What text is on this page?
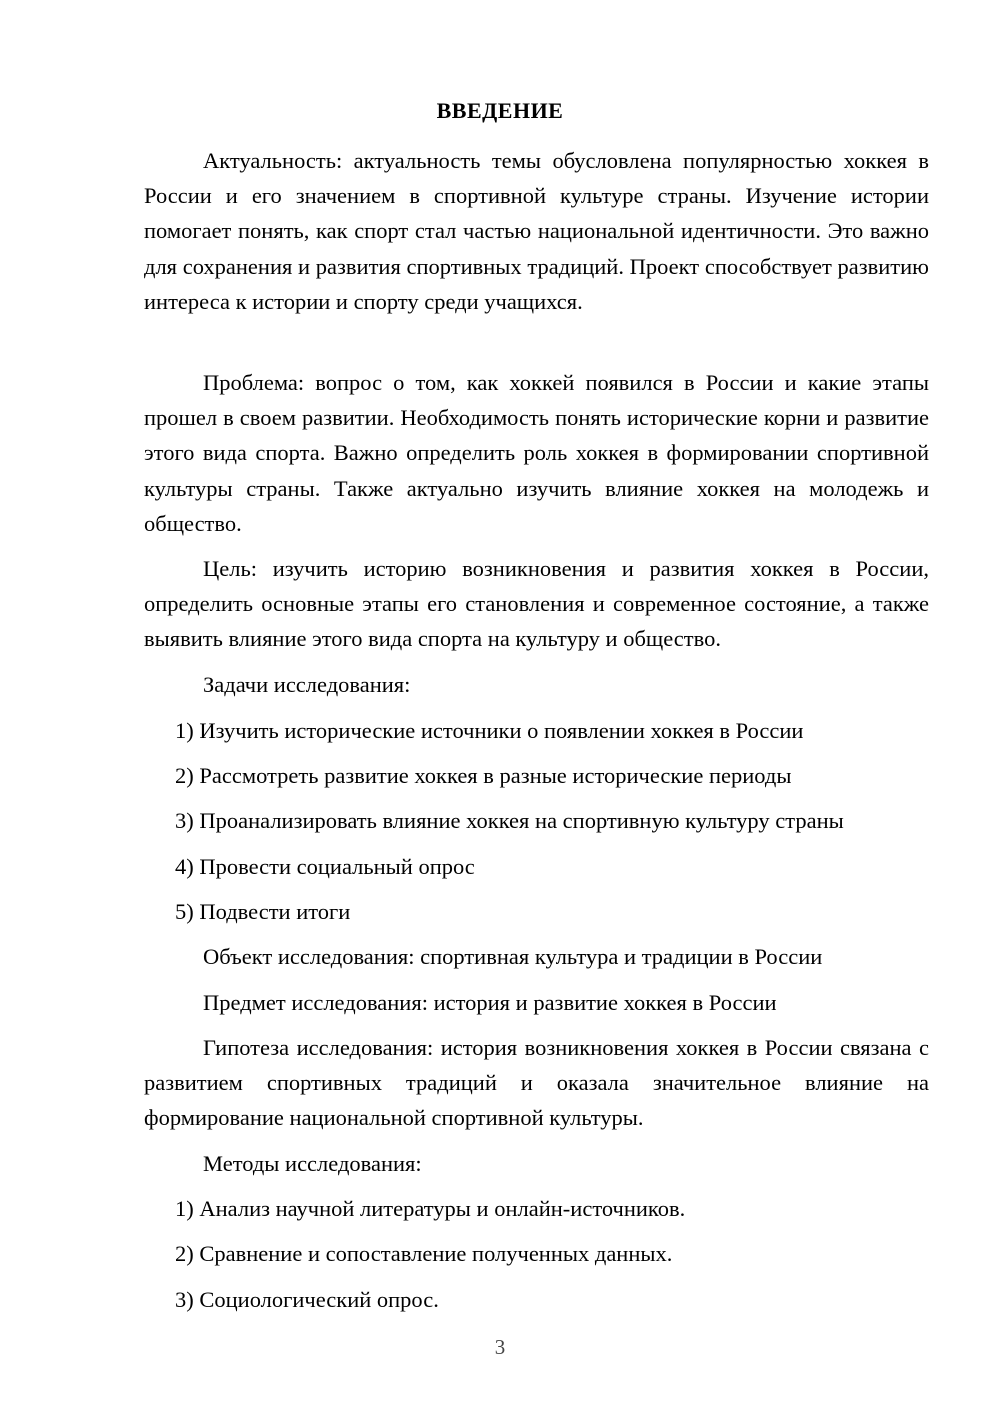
ВВЕДЕНИЕ

Актуальность: актуальность темы обусловлена популярностью хоккея в России и его значением в спортивной культуре страны. Изучение истории помогает понять, как спорт стал частью национальной идентичности. Это важно для сохранения и развития спортивных традиций. Проект способствует развитию интереса к истории и спорту среди учащихся.

Проблема: вопрос о том, как хоккей появился в России и какие этапы прошел в своем развитии. Необходимость понять исторические корни и развитие этого вида спорта. Важно определить роль хоккея в формировании спортивной культуры страны. Также актуально изучить влияние хоккея на молодежь и общество.

Цель: изучить историю возникновения и развития хоккея в России, определить основные этапы его становления и современное состояние, а также выявить влияние этого вида спорта на культуру и общество.

Задачи исследования:

1) Изучить исторические источники о появлении хоккея в России

2) Рассмотреть развитие хоккея в разные исторические периоды

3) Проанализировать влияние хоккея на спортивную культуру страны

4) Провести социальный опрос

5) Подвести итоги

Объект исследования: спортивная культура и традиции в России

Предмет исследования: история и развитие хоккея в России

Гипотеза исследования: история возникновения хоккея в России связана с развитием спортивных традиций и оказала значительное влияние на формирование национальной спортивной культуры.

Методы исследования:

1) Анализ научной литературы и онлайн-источников.

2) Сравнение и сопоставление полученных данных.

3) Социологический опрос.

3
